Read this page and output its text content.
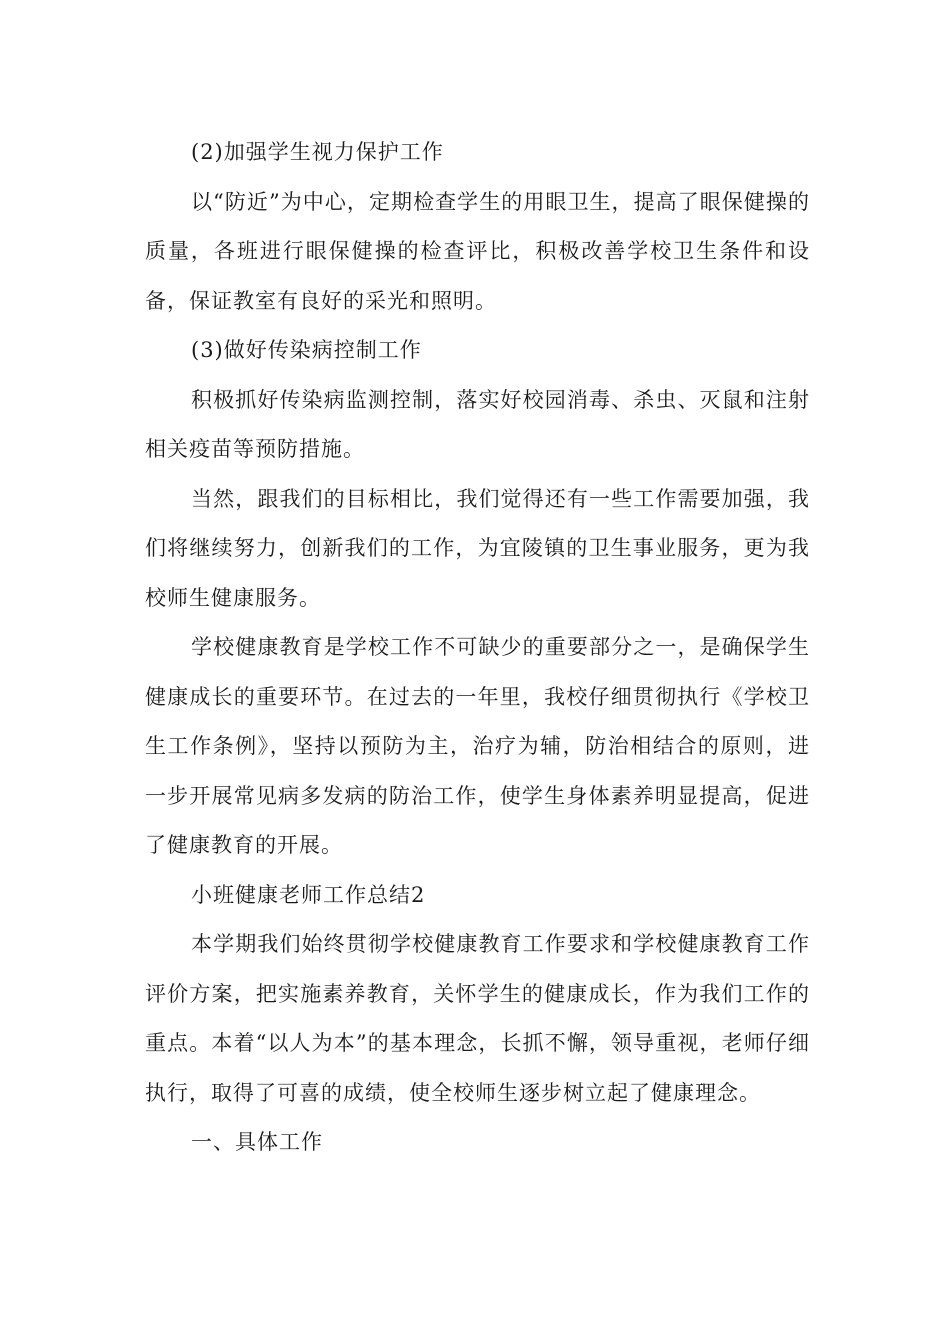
(2)加强学生视力保护工作

以“防近”为中心，定期检查学生的用眼卫生，提高了眼保健操的质量，各班进行眼保健操的检查评比，积极改善学校卫生条件和设备，保证教室有良好的采光和照明。

(3)做好传染病控制工作

积极抓好传染病监测控制，落实好校园消毒、杀虫、灭鼠和注射相关疫苗等预防措施。

当然，跟我们的目标相比，我们觉得还有一些工作需要加强，我们将继续努力，创新我们的工作，为宜陵镇的卫生事业服务，更为我校师生健康服务。

学校健康教育是学校工作不可缺少的重要部分之一，是确保学生健康成长的重要环节。在过去的一年里，我校仔细贯彻执行《学校卫生工作条例》，坚持以预防为主，治疗为辅，防治相结合的原则，进一步开展常见病多发病的防治工作，使学生身体素养明显提高，促进了健康教育的开展。

小班健康老师工作总结2

本学期我们始终贯彻学校健康教育工作要求和学校健康教育工作评价方案，把实施素养教育，关怀学生的健康成长，作为我们工作的重点。本着“以人为本”的基本理念，长抓不懈，领导重视，老师仔细执行，取得了可喜的成绩，使全校师生逐步树立起了健康理念。

一、具体工作
